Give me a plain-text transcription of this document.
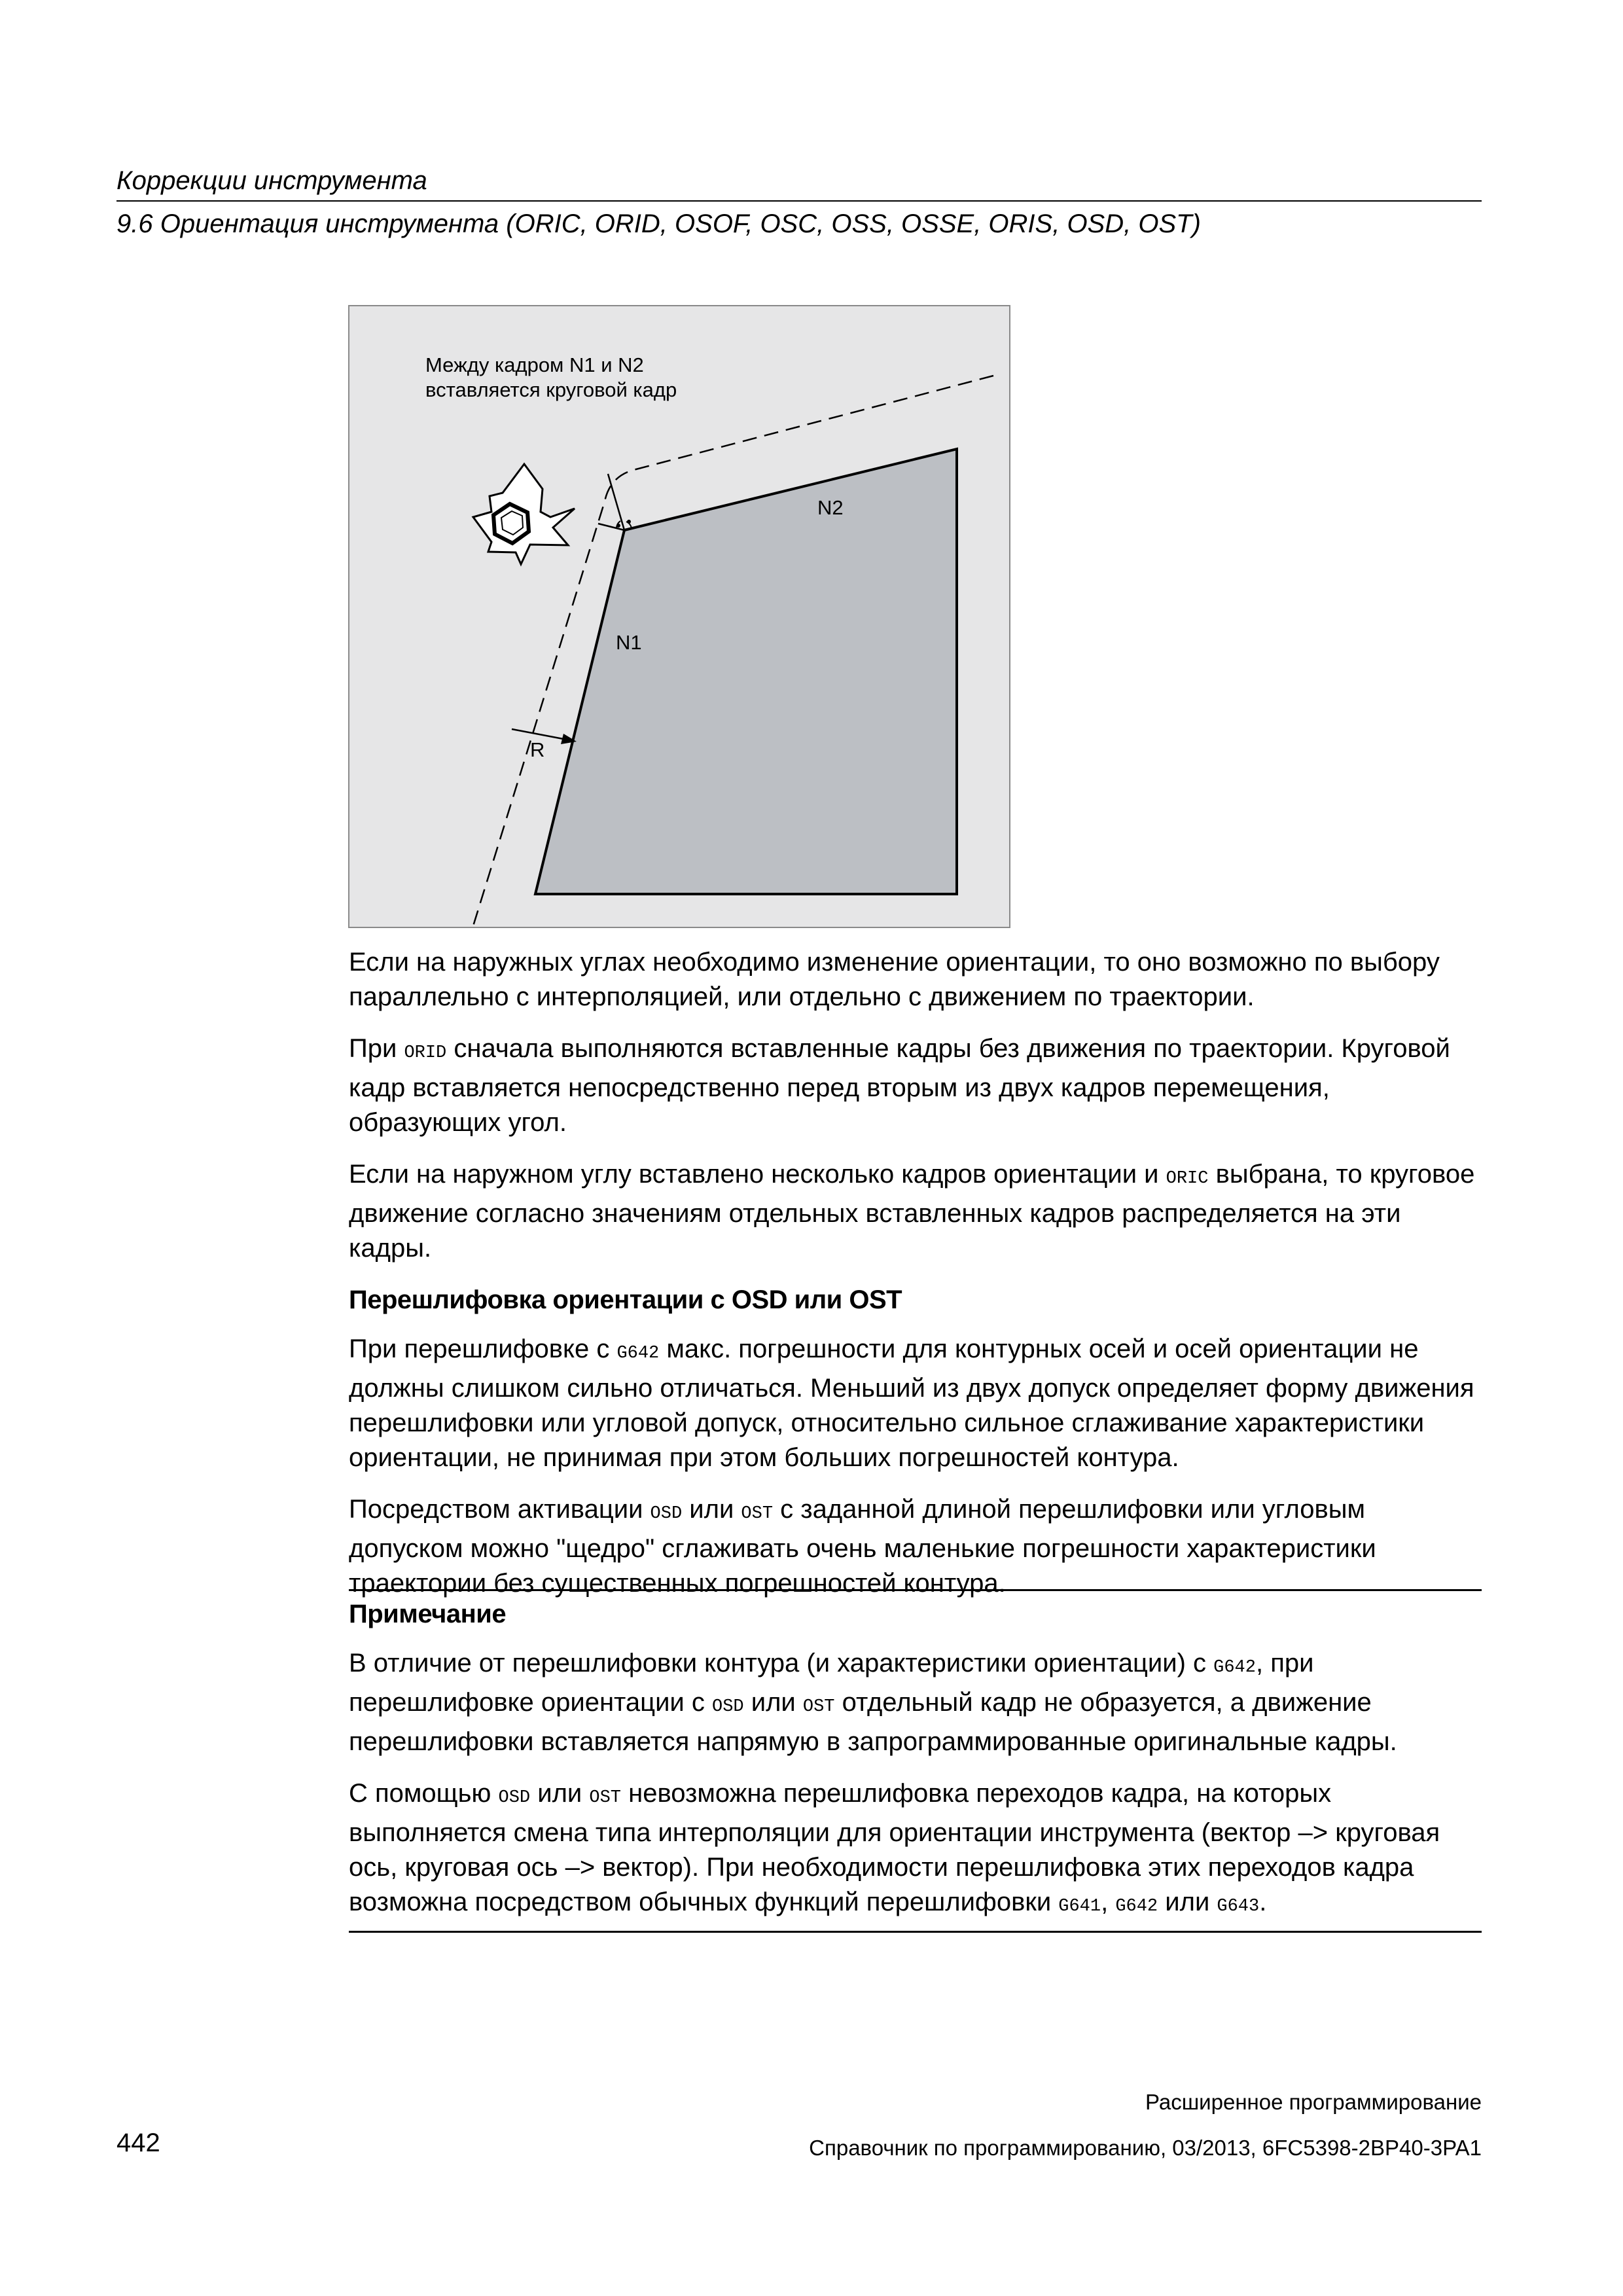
Коррекции инструмента
9.6 Ориентация инструмента (ORIC, ORID, OSOF, OSC, OSS, OSSE, ORIS, OSD, OST)
Между кадром N1 и N2
вставляется круговой кадр
N1
N2
R

Если на наружных углах необходимо изменение ориентации, то оно возможно по выбору параллельно с интерполяцией, или отдельно с движением по траектории.

При ORID сначала выполняются вставленные кадры без движения по траектории. Круговой кадр вставляется непосредственно перед вторым из двух кадров перемещения, образующих угол.

Если на наружном углу вставлено несколько кадров ориентации и ORIC выбрана, то круговое движение согласно значениям отдельных вставленных кадров распределяется на эти кадры.

Перешлифовка ориентации с OSD или OST

При перешлифовке с G642 макс. погрешности для контурных осей и осей ориентации не должны слишком сильно отличаться. Меньший из двух допуск определяет форму движения перешлифовки или угловой допуск, относительно сильное сглаживание характеристики ориентации, не принимая при этом больших погрешностей контура.

Посредством активации OSD или OST с заданной длиной перешлифовки или угловым допуском можно "щедро" сглаживать очень маленькие погрешности характеристики траектории без существенных погрешностей контура.

Примечание

В отличие от перешлифовки контура (и характеристики ориентации) с G642, при перешлифовке ориентации с OSD или OST отдельный кадр не образуется, а движение перешлифовки вставляется напрямую в запрограммированные оригинальные кадры.

С помощью OSD или OST невозможна перешлифовка переходов кадра, на которых выполняется смена типа интерполяции для ориентации инструмента (вектор –> круговая ось, круговая ось –> вектор). При необходимости перешлифовка этих переходов кадра возможна посредством обычных функций перешлифовки G641, G642 или G643.

Расширенное программирование
Справочник по программированию, 03/2013, 6FC5398-2BP40-3PA1
442
